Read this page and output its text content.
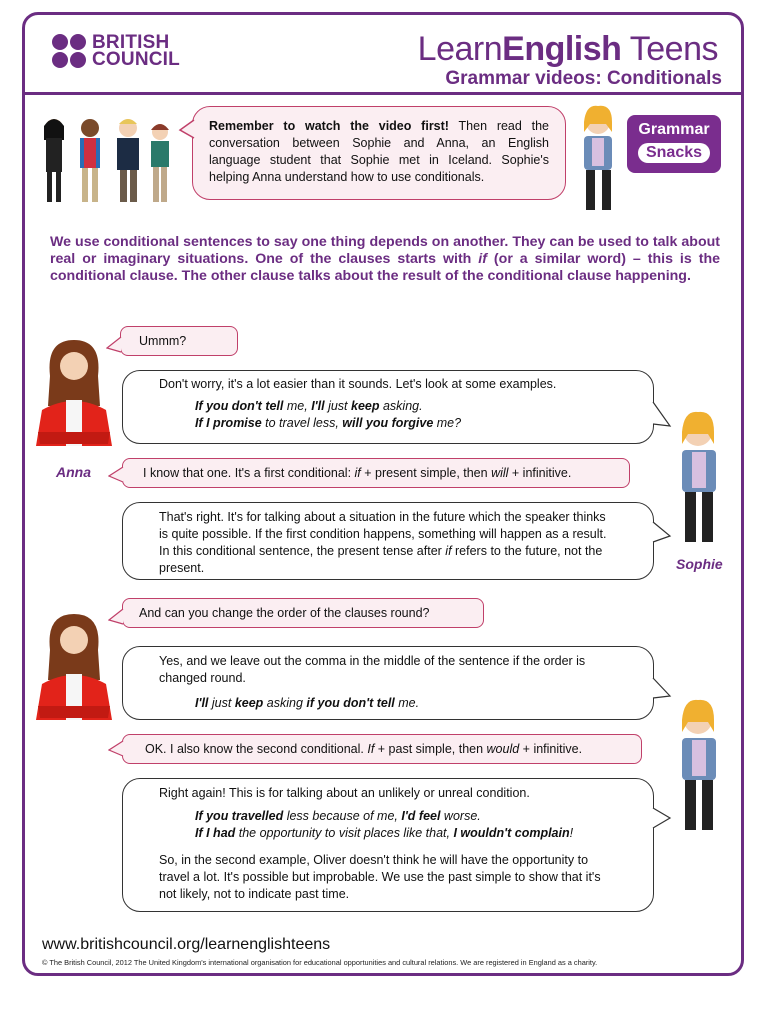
BRITISH
COUNCIL	LearnEnglish Teens
Grammar videos: Conditionals
Remember to watch the video first! Then read the conversation between Sophie and Anna, an English language student that Sophie met in Iceland. Sophie's helping Anna understand how to use conditionals.
Grammar
Snacks
We use conditional sentences to say one thing depends on another. They can be used to talk about real or imaginary situations. One of the clauses starts with if (or a similar word) – this is the conditional clause. The other clause talks about the result of the conditional clause happening.
Anna
Ummm?
Don't worry, it's a lot easier than it sounds. Let's look at some examples.
If you don't tell me, I'll just keep asking.
If I promise to travel less, will you forgive me?
Sophie
I know that one. It's a first conditional: if + present simple, then will + infinitive.
That's right. It's for talking about a situation in the future which the speaker thinks is quite possible. If the first condition happens, something will happen as a result. In this conditional sentence, the present tense after if refers to the future, not the present.
And can you change the order of the clauses round?
Yes, and we leave out the comma in the middle of the sentence if the order is changed round.
I'll just keep asking if you don't tell me.
OK. I also know the second conditional. If + past simple, then would + infinitive.
Right again! This is for talking about an unlikely or unreal condition.
If you travelled less because of me, I'd feel worse.
If I had the opportunity to visit places like that, I wouldn't complain!
So, in the second example, Oliver doesn't think he will have the opportunity to travel a lot. It's possible but improbable. We use the past simple to show that it's not likely, not to indicate past time.
www.britishcouncil.org/learnenglishteens
© The British Council, 2012 The United Kingdom's international organisation for educational opportunities and cultural relations. We are registered in England as a charity.
